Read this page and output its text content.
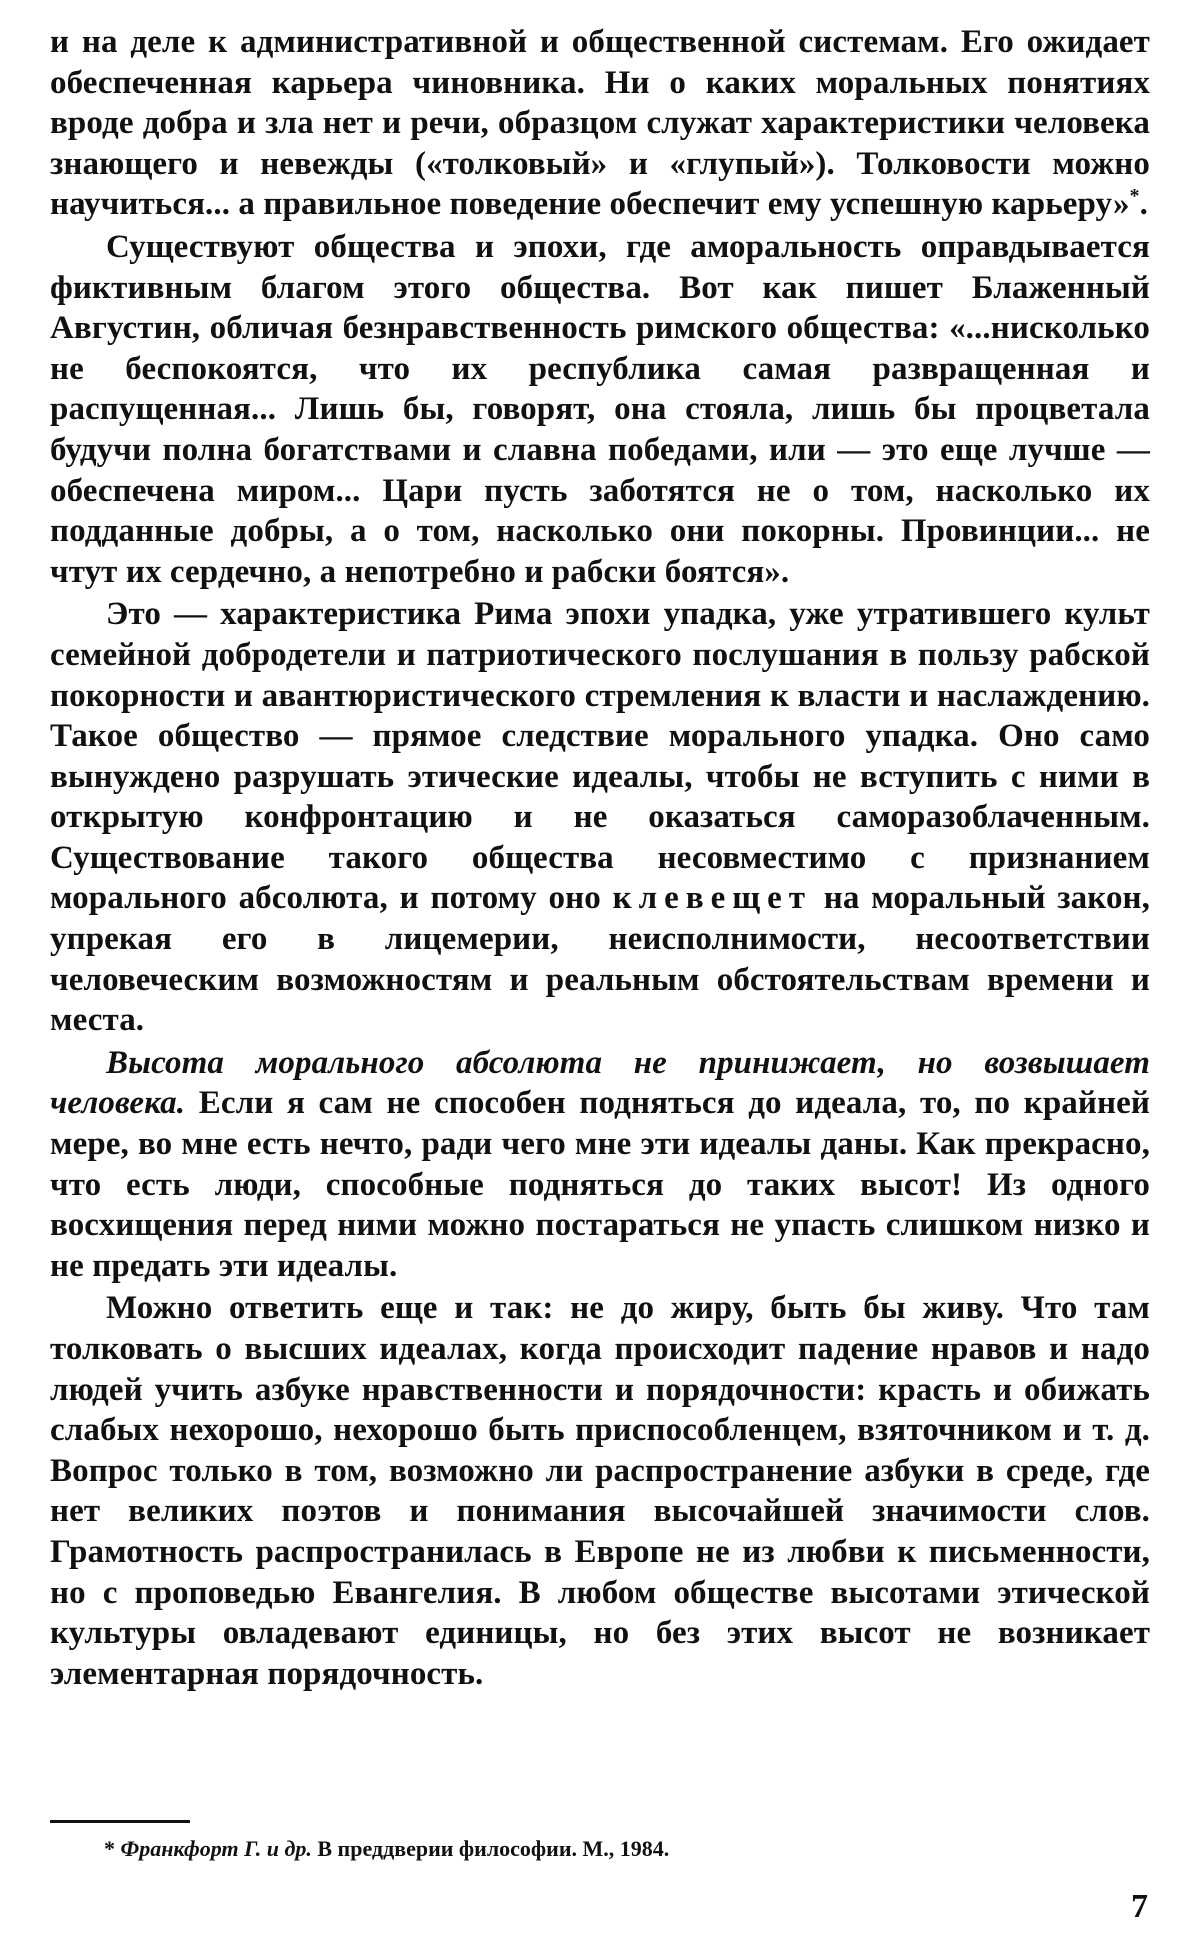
и на деле к административной и общественной системам. Его ожидает обеспеченная карьера чиновника. Ни о каких моральных понятиях вроде добра и зла нет и речи, образцом служат характеристики человека знающего и невежды («толковый» и «глупый»). Толковости можно научиться... а правильное поведение обеспечит ему успешную карьеру»*.

Существуют общества и эпохи, где аморальность оправдывается фиктивным благом этого общества. Вот как пишет Блаженный Августин, обличая безнравственность римского общества: «...нисколько не беспокоятся, что их республика самая развращенная и распущенная... Лишь бы, говорят, она стояла, лишь бы процветала будучи полна богатствами и славна победами, или — это еще лучше — обеспечена миром... Цари пусть заботятся не о том, насколько их подданные добры, а о том, насколько они покорны. Провинции... не чтут их сердечно, а непотребно и рабски боятся».

Это — характеристика Рима эпохи упадка, уже утратившего культ семейной добродетели и патриотического послушания в пользу рабской покорности и авантюристического стремления к власти и наслаждению. Такое общество — прямое следствие морального упадка. Оно само вынуждено разрушать этические идеалы, чтобы не вступить с ними в открытую конфронтацию и не оказаться саморазоблаченным. Существование такого общества несовместимо с признанием морального абсолюта, и потому оно клевещет на моральный закон, упрекая его в лицемерии, неисполнимости, несоответствии человеческим возможностям и реальным обстоятельствам времени и места.

Высота морального абсолюта не принижает, но возвышает человека. Если я сам не способен подняться до идеала, то, по крайней мере, во мне есть нечто, ради чего мне эти идеалы даны. Как прекрасно, что есть люди, способные подняться до таких высот! Из одного восхищения перед ними можно постараться не упасть слишком низко и не предать эти идеалы.

Можно ответить еще и так: не до жиру, быть бы живу. Что там толковать о высших идеалах, когда происходит падение нравов и надо людей учить азбуке нравственности и порядочности: красть и обижать слабых нехорошо, нехорошо быть приспособленцем, взяточником и т. д. Вопрос только в том, возможно ли распространение азбуки в среде, где нет великих поэтов и понимания высочайшей значимости слов. Грамотность распространилась в Европе не из любви к письменности, но с проповедью Евангелия. В любом обществе высотами этической культуры овладевают единицы, но без этих высот не возникает элементарная порядочность.

* Франкфорт Г. и др. В преддверии философии. М., 1984.
7
